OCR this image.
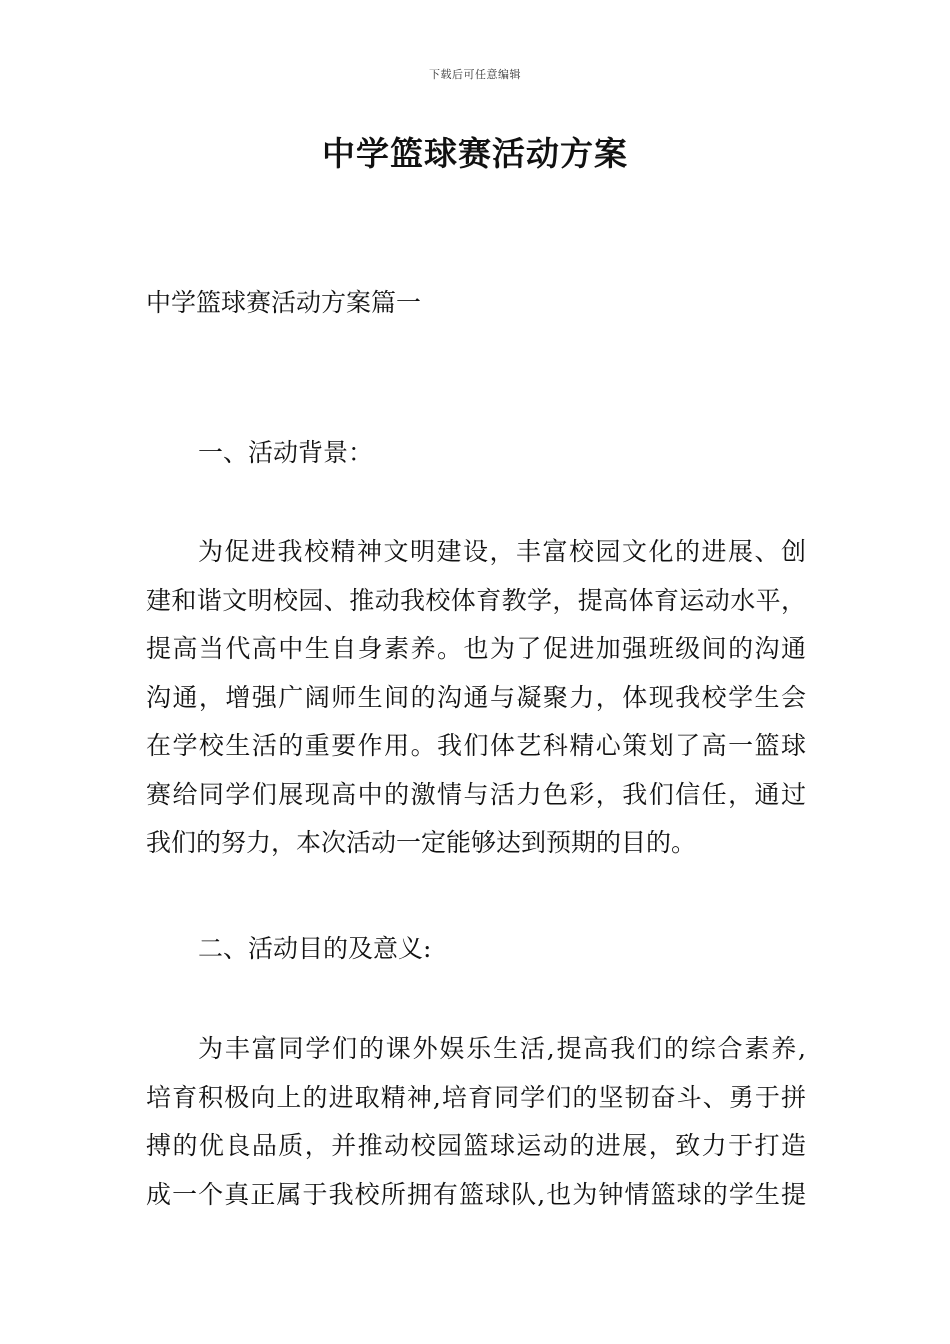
下载后可任意编辑
中学篮球赛活动方案
中学篮球赛活动方案篇一
一、活动背景：
为促进我校精神文明建设，丰富校园文化的进展、创
建和谐文明校园、推动我校体育教学，提高体育运动水平，
提高当代高中生自身素养。也为了促进加强班级间的沟通
沟通，增强广阔师生间的沟通与凝聚力，体现我校学生会
在学校生活的重要作用。我们体艺科精心策划了高一篮球
赛给同学们展现高中的激情与活力色彩，我们信任，通过
我们的努力，本次活动一定能够达到预期的目的。
二、活动目的及意义:
为丰富同学们的课外娱乐生活,提高我们的综合素养,
培育积极向上的进取精神,培育同学们的坚韧奋斗、勇于拼
搏的优良品质，并推动校园篮球运动的进展，致力于打造
成一个真正属于我校所拥有篮球队,也为钟情篮球的学生提
